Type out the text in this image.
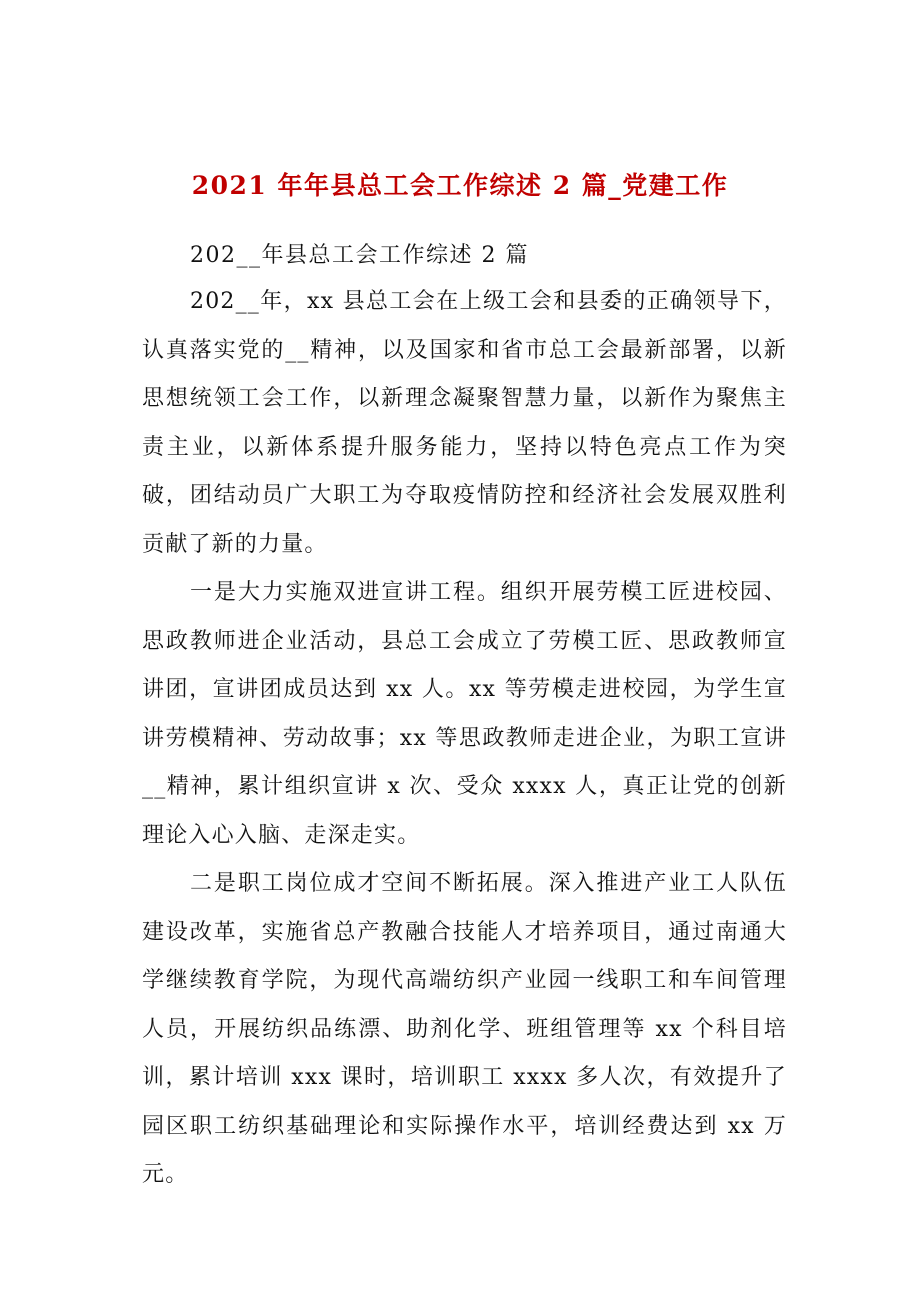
2021 年年县总工会工作综述 2 篇_党建工作
202__年县总工会工作综述 2 篇
202__年，xx 县总工会在上级工会和县委的正确领导下，认真落实党的__精神，以及国家和省市总工会最新部署，以新思想统领工会工作，以新理念凝聚智慧力量，以新作为聚焦主责主业，以新体系提升服务能力，坚持以特色亮点工作为突破，团结动员广大职工为夺取疫情防控和经济社会发展双胜利贡献了新的力量。
一是大力实施双进宣讲工程。组织开展劳模工匠进校园、思政教师进企业活动，县总工会成立了劳模工匠、思政教师宣讲团，宣讲团成员达到 xx 人。xx 等劳模走进校园，为学生宣讲劳模精神、劳动故事；xx 等思政教师走进企业，为职工宣讲__精神，累计组织宣讲 x 次、受众 xxxx 人，真正让党的创新理论入心入脑、走深走实。
二是职工岗位成才空间不断拓展。深入推进产业工人队伍建设改革，实施省总产教融合技能人才培养项目，通过南通大学继续教育学院，为现代高端纺织产业园一线职工和车间管理人员，开展纺织品练漂、助剂化学、班组管理等 xx 个科目培训，累计培训 xxx 课时，培训职工 xxxx 多人次，有效提升了园区职工纺织基础理论和实际操作水平，培训经费达到 xx 万元。
